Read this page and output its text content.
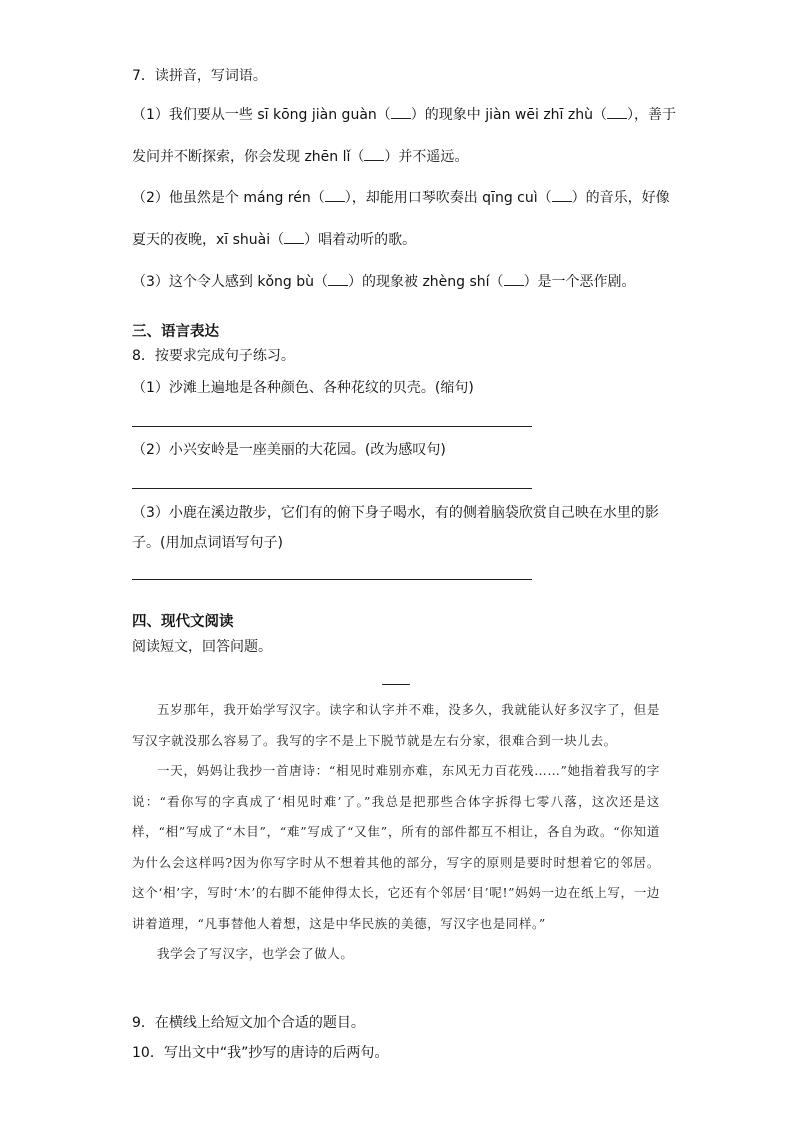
7．读拼音，写词语。
（1）我们要从一些 sī kōng jiàn guàn（ ）的现象中 jiàn wēi zhī zhù（ ），善于
发问并不断探索，你会发现 zhēn lǐ（ ）并不遥远。
（2）他虽然是个 máng rén（ ），却能用口琴吹奏出 qīng cuì（ ）的音乐，好像
夏天的夜晚，xī shuài（ ）唱着动听的歌。
（3）这个令人感到 kǒng bù（ ）的现象被 zhèng shí（ ）是一个恶作剧。
三、语言表达
8．按要求完成句子练习。
（1）沙滩上遍地是各种颜色、各种花纹的贝壳。(缩句)
（2）小兴安岭是一座美丽的大花园。(改为感叹句)
（3）小鹿在溪边散步，它们有的俯下身子喝水，有的侧着脑袋欣赏自己映在水里的影
子。(用加点词语写句子)
四、现代文阅读
阅读短文，回答问题。

五岁那年，我开始学写汉字。读字和认字并不难，没多久，我就能认好多汉字了，但是写汉字就没那么容易了。我写的字不是上下脱节就是左右分家，很难合到一块儿去。

一天，妈妈让我抄一首唐诗：“相见时难别亦难，东风无力百花残……”她指着我写的字说：“看你写的字真成了‘相见时难’了。”我总是把那些合体字拆得七零八落，这次还是这样，“相”写成了“木目”，“难”写成了“又隹”，所有的部件都互不相让，各自为政。“你知道为什么会这样吗?因为你写字时从不想着其他的部分，写字的原则是要时时想着它的邻居。这个‘相’字，写时‘木’的右脚不能伸得太长，它还有个邻居‘目’呢!”妈妈一边在纸上写，一边讲着道理，“凡事替他人着想，这是中华民族的美德，写汉字也是同样。”

我学会了写汉字，也学会了做人。

9．在横线上给短文加个合适的题目。
10．写出文中“我”抄写的唐诗的后两句。
